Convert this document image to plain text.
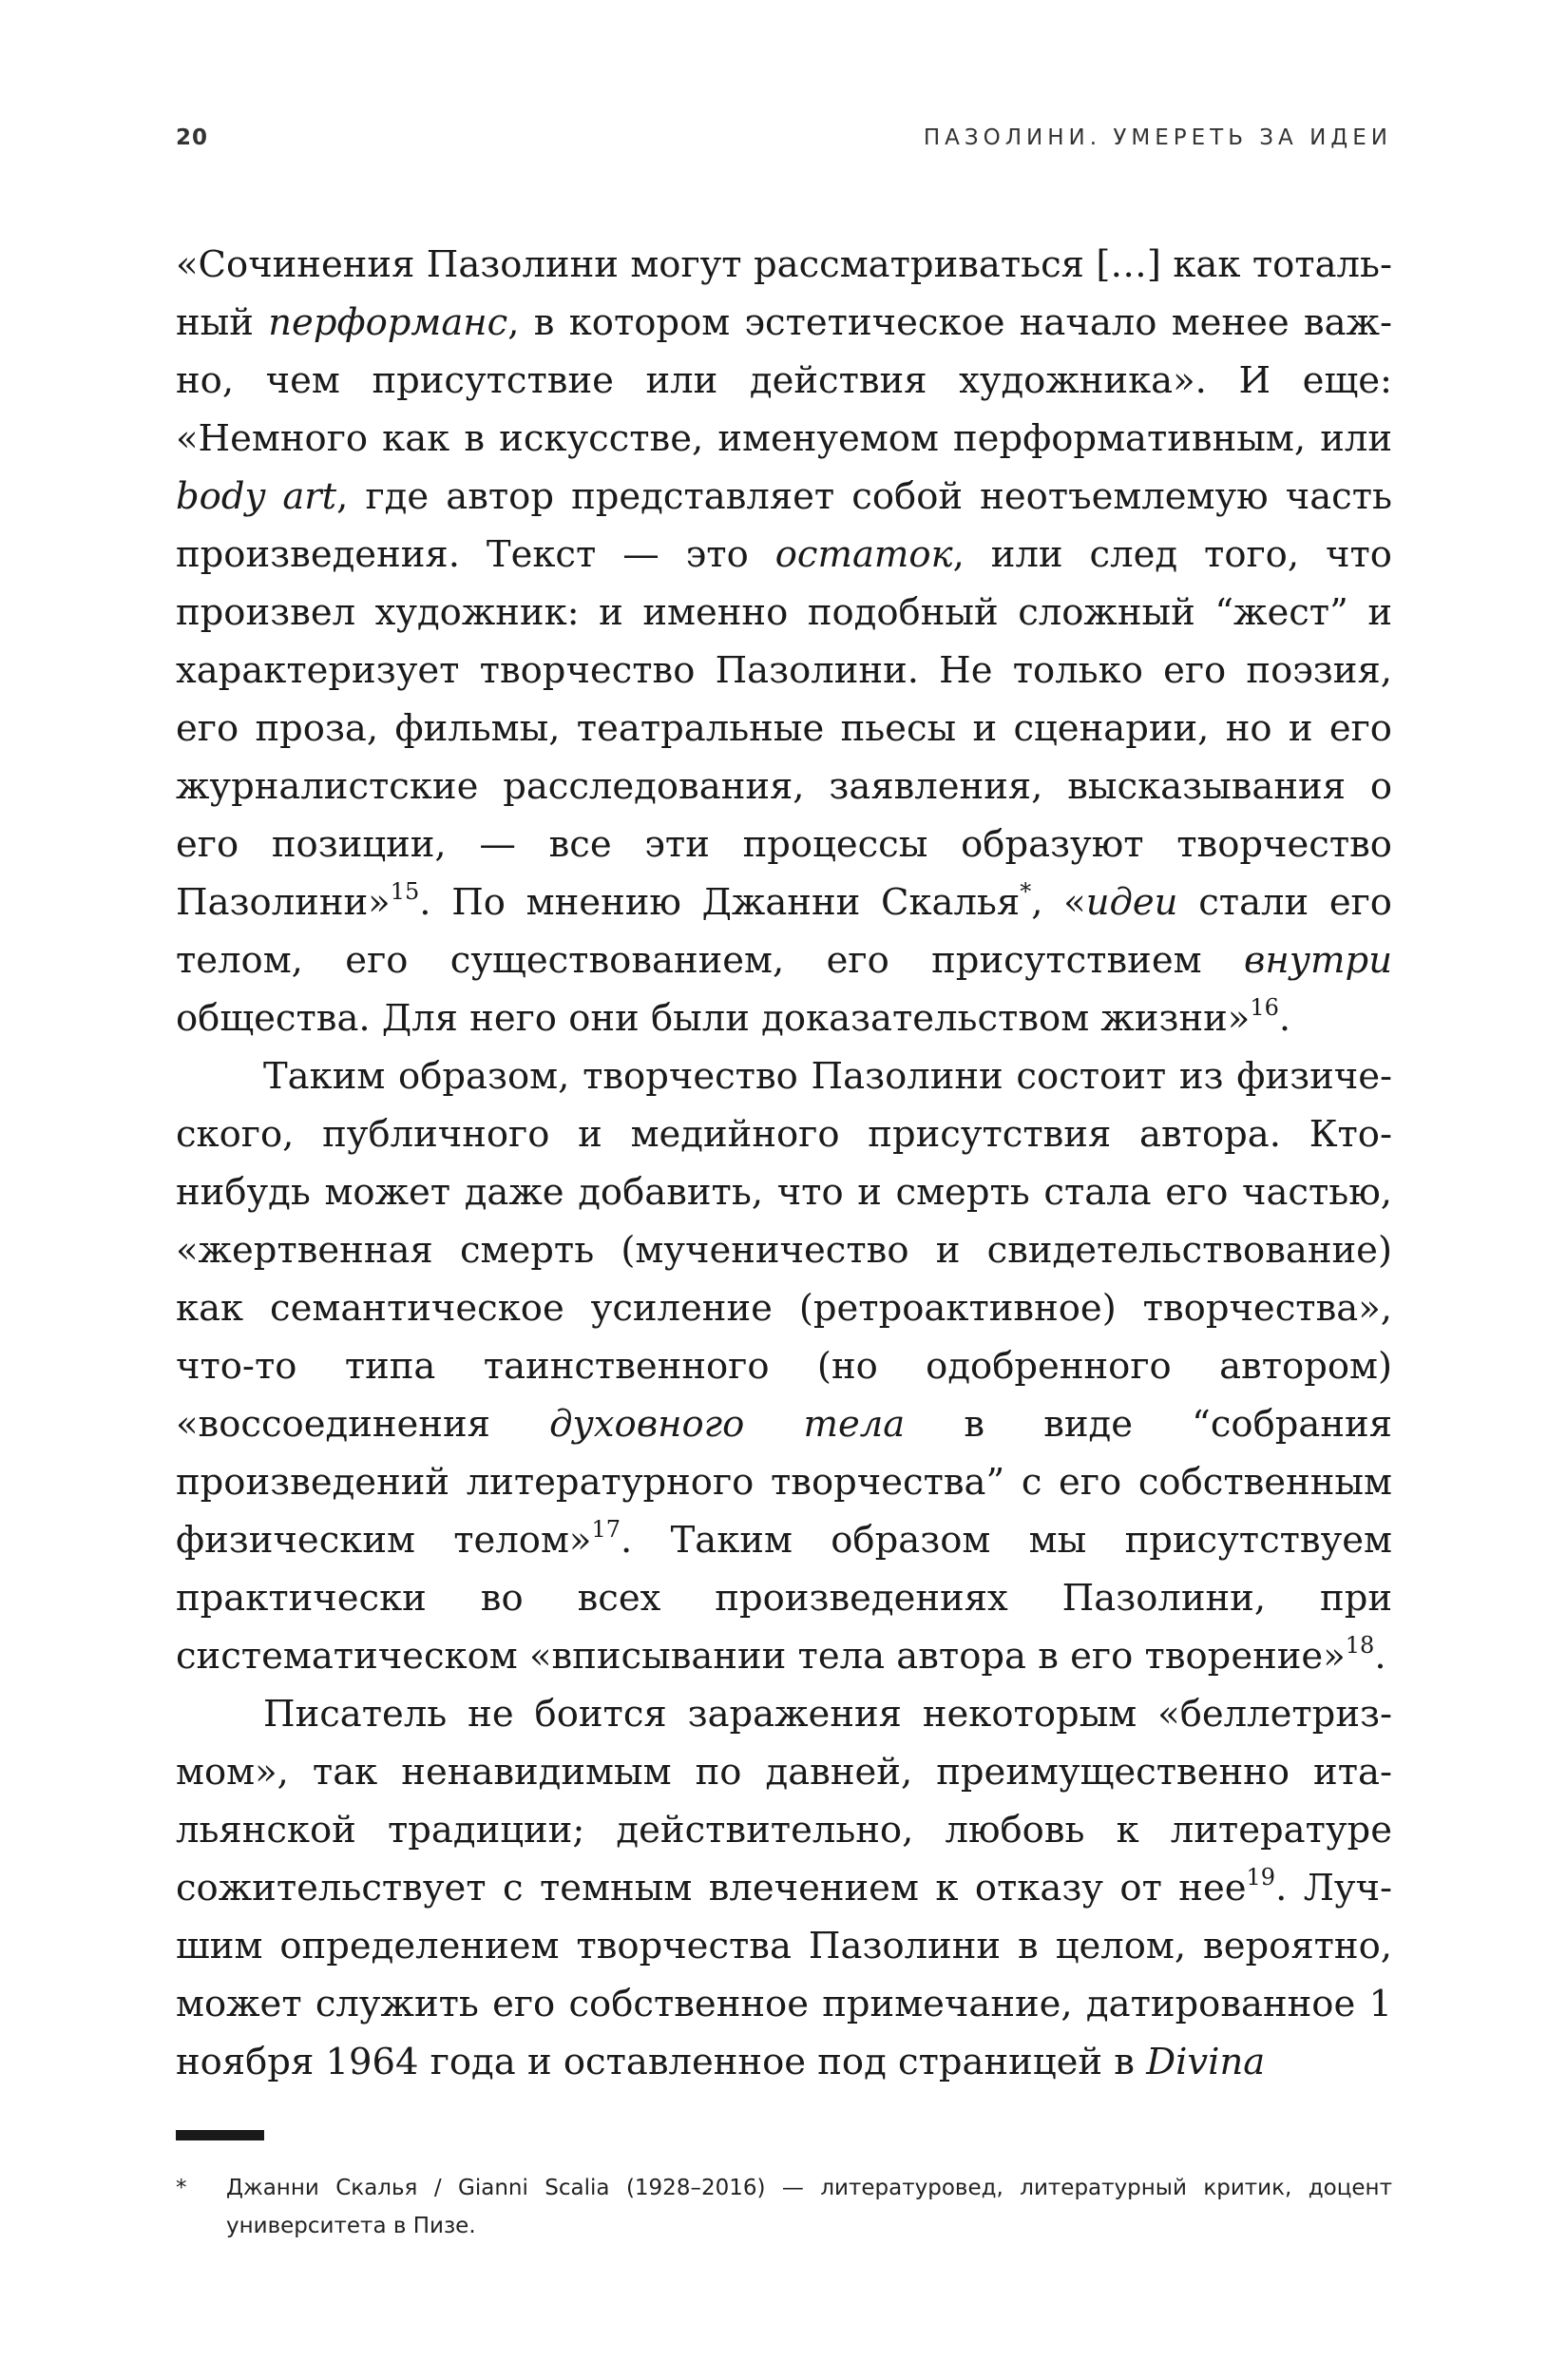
20	ПАЗОЛИНИ. УМЕРЕТЬ ЗА ИДЕИ

«Сочинения Пазолини могут рассматриваться […] как тотальный перформанс, в котором эстетическое начало менее важно, чем присутствие или действия художника». И еще: «Немного как в искусстве, именуемом перформативным, или body art, где автор представляет собой неотъемлемую часть произведения. Текст — это остаток, или след того, что произвел художник: и именно подобный сложный “жест” и характеризует творчество Пазолини. Не только его поэзия, его проза, фильмы, театральные пьесы и сценарии, но и его журналистские расследования, заявления, высказывания о его позиции, — все эти процессы образуют творчество Пазолини»$^{15}$. По мнению Джанни Скалья*, «идеи стали его телом, его существованием, его присутствием внутри общества. Для него они были доказательством жизни»$^{16}$.

Таким образом, творчество Пазолини состоит из физического, публичного и медийного присутствия автора. Кто-нибудь может даже добавить, что и смерть стала его частью, «жертвенная смерть (мученичество и свидетельствование) как семантическое усиление (ретроактивное) творчества», что-то типа таинственного (но одобренного автором) «воссоединения духовного тела в виде “собрания произведений литературного творчества” с его собственным физическим телом»$^{17}$. Таким образом мы присутствуем практически во всех произведениях Пазолини, при систематическом «вписывании тела автора в его творение»$^{18}$.

Писатель не боится заражения некоторым «беллетризмом», так ненавидимым по давней, преимущественно итальянской традиции; действительно, любовь к литературе сожительствует с темным влечением к отказу от нее$^{19}$. Лучшим определением творчества Пазолини в целом, вероятно, может служить его собственное примечание, датированное 1 ноября 1964 года и оставленное под страницей в Divina

* Джанни Скалья / Gianni Scalia (1928–2016) — литературовед, литературный критик, доцент университета в Пизе.
